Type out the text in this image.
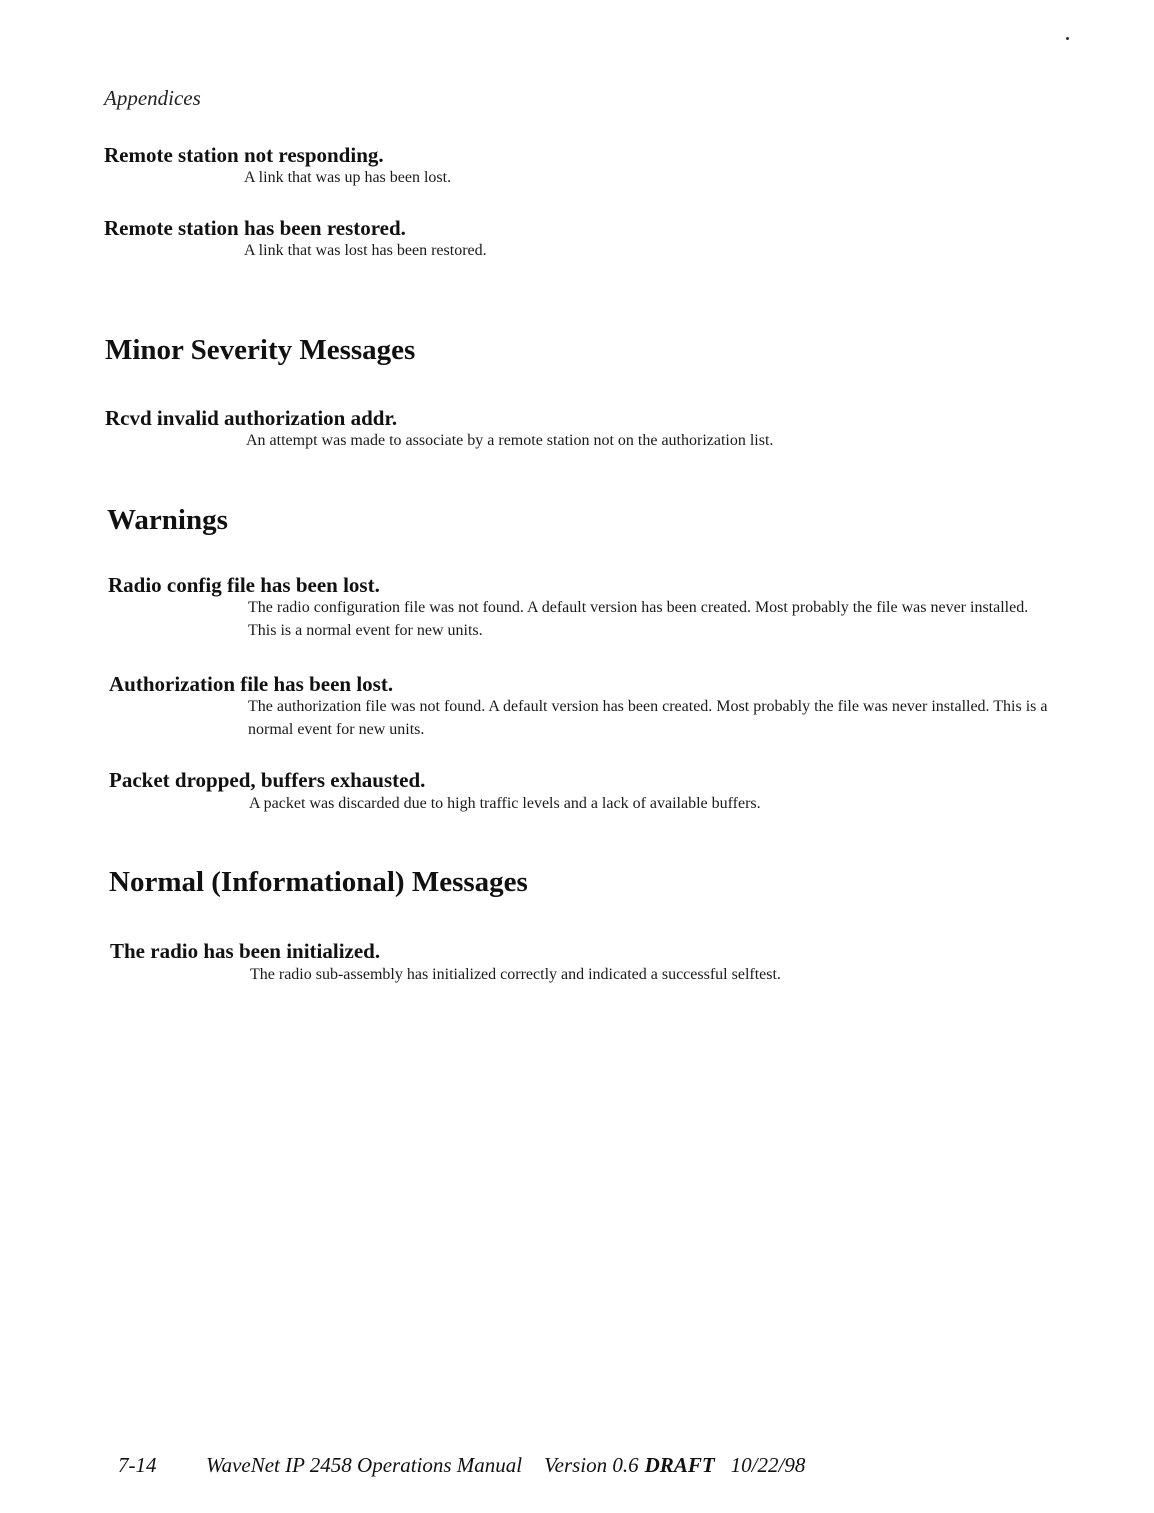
Appendices
Remote station not responding.
A link that was up has been lost.
Remote station has been restored.
A link that was lost has been restored.
Minor Severity Messages
Rcvd invalid authorization addr.
An attempt was made to associate by a remote station not on the authorization list.
Warnings
Radio config file has been lost.
The radio configuration file was not found. A default version has been created. Most probably the file was never installed. This is a normal event for new units.
Authorization file has been lost.
The authorization file was not found. A default version has been created. Most probably the file was never installed. This is a normal event for new units.
Packet dropped, buffers exhausted.
A packet was discarded due to high traffic levels and a lack of available buffers.
Normal (Informational) Messages
The radio has been initialized.
The radio sub-assembly has initialized correctly and indicated a successful selftest.
7-14 WaveNet IP 2458 Operations Manual Version 0.6 DRAFT 10/22/98
